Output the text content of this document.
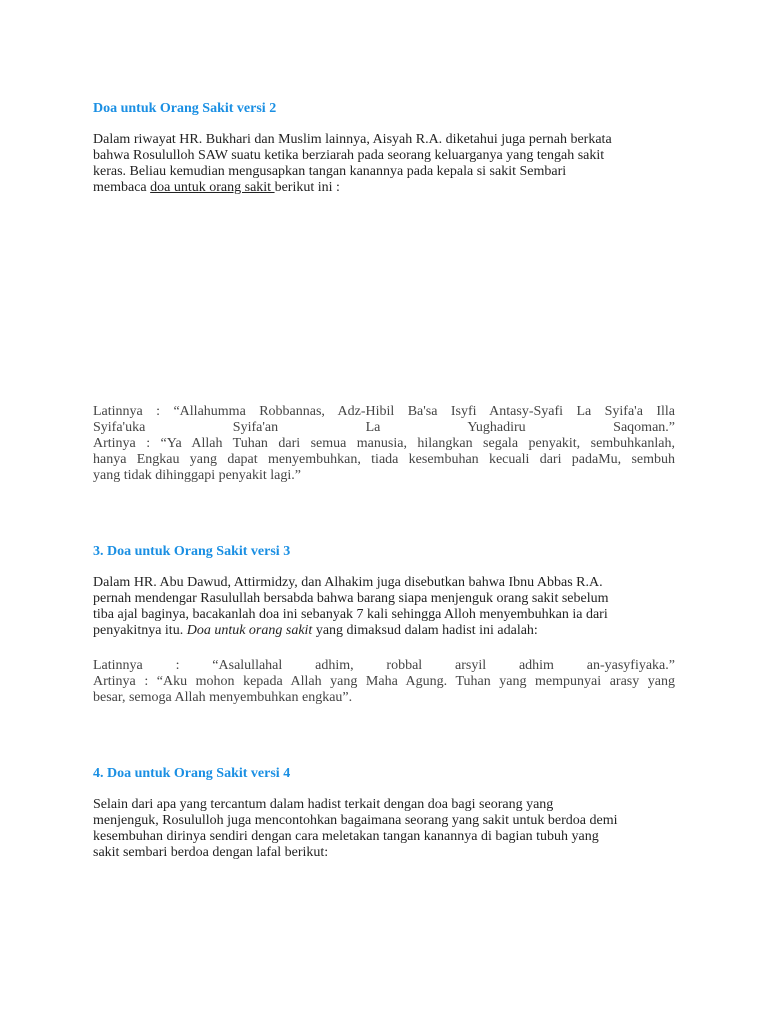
Doa untuk Orang Sakit versi 2
Dalam riwayat HR. Bukhari dan Muslim lainnya, Aisyah R.A. diketahui juga pernah berkata
bahwa Rosululloh SAW suatu ketika berziarah pada seorang keluarganya yang tengah sakit
keras. Beliau kemudian mengusapkan tangan kanannya pada kepala si sakit Sembari
membaca doa untuk orang sakit berikut ini :
Latinnya : “Allahumma Robbannas, Adz-Hibil Ba'sa Isyfi Antasy-Syafi La Syifa'a Illa
Syifa'uka Syifa'an La Yughadiru Saqoman.”
Artinya : “Ya Allah Tuhan dari semua manusia, hilangkan segala penyakit, sembuhkanlah,
hanya Engkau yang dapat menyembuhkan, tiada kesembuhan kecuali dari padaMu, sembuh
yang tidak dihinggapi penyakit lagi.”
3. Doa untuk Orang Sakit versi 3
Dalam HR. Abu Dawud, Attirmidzy, dan Alhakim juga disebutkan bahwa Ibnu Abbas R.A.
pernah mendengar Rasulullah bersabda bahwa barang siapa menjenguk orang sakit sebelum
tiba ajal baginya, bacakanlah doa ini sebanyak 7 kali sehingga Alloh menyembuhkan ia dari
penyakitnya itu. Doa untuk orang sakit yang dimaksud dalam hadist ini adalah:
Latinnya : “Asalullahal adhim, robbal arsyil adhim an-yasyfiyaka.”
Artinya : “Aku mohon kepada Allah yang Maha Agung. Tuhan yang mempunyai arasy yang
besar, semoga Allah menyembuhkan engkau”.
4. Doa untuk Orang Sakit versi 4
Selain dari apa yang tercantum dalam hadist terkait dengan doa bagi seorang yang
menjenguk, Rosululloh juga mencontohkan bagaimana seorang yang sakit untuk berdoa demi
kesembuhan dirinya sendiri dengan cara meletakan tangan kanannya di bagian tubuh yang
sakit sembari berdoa dengan lafal berikut:
